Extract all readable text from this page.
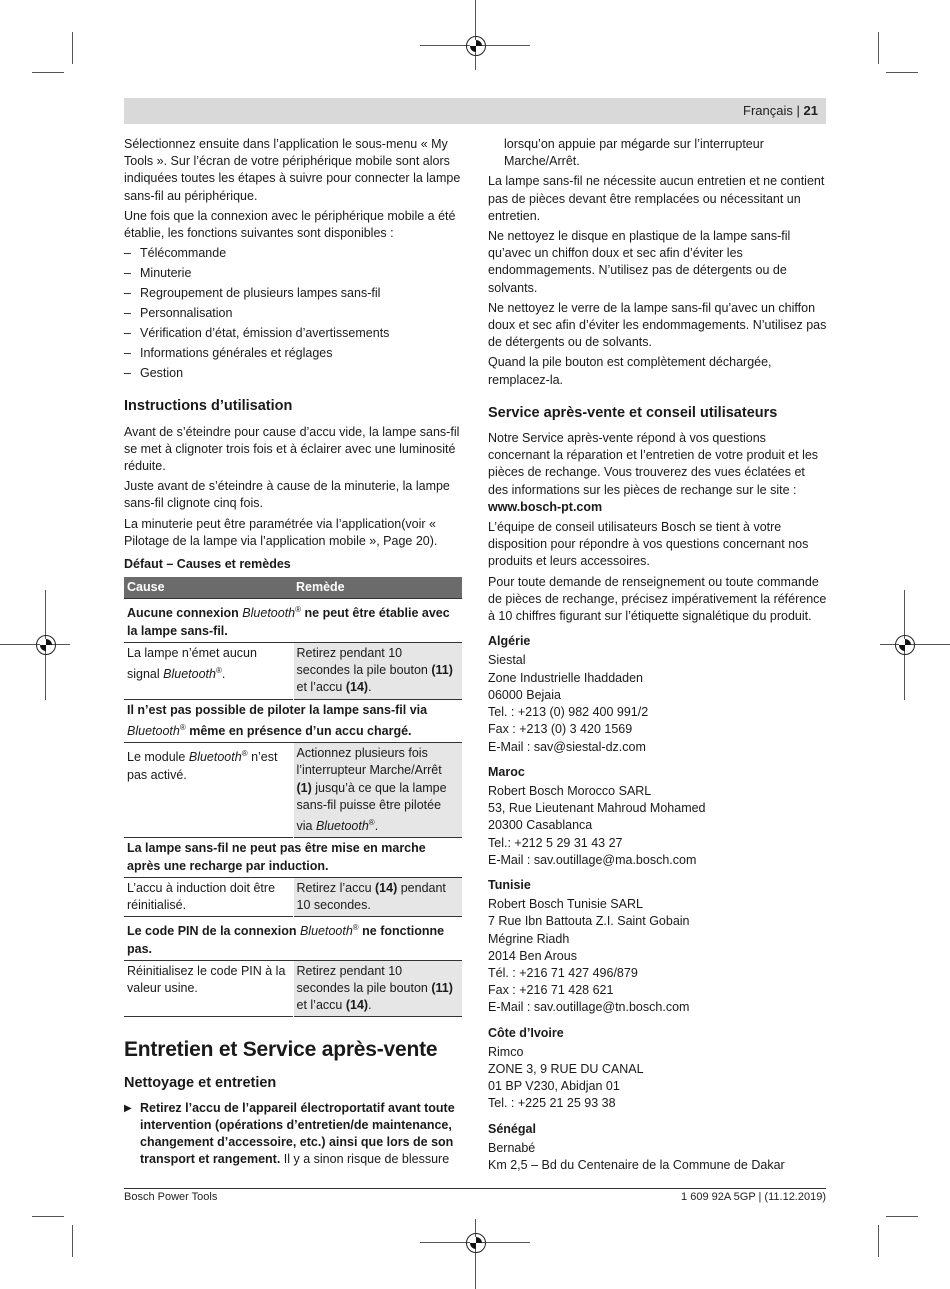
Français | 21

Sélectionnez ensuite dans l’application le sous-menu « My Tools ». Sur l’écran de votre périphérique mobile sont alors indiquées toutes les étapes à suivre pour connecter la lampe sans-fil au périphérique.

Une fois que la connexion avec le périphérique mobile a été établie, les fonctions suivantes sont disponibles :

– Télécommande
– Minuterie
– Regroupement de plusieurs lampes sans-fil
– Personnalisation
– Vérification d’état, émission d’avertissements
– Informations générales et réglages
– Gestion
Instructions d’utilisation

Avant de s’éteindre pour cause d’accu vide, la lampe sans-fil se met à clignoter trois fois et à éclairer avec une luminosité réduite.

Juste avant de s’éteindre à cause de la minuterie, la lampe sans-fil clignote cinq fois.

La minuterie peut être paramétrée via l’application(voir « Pilotage de la lampe via l’application mobile », Page 20).

Défaut – Causes et remèdes
Cause	Remède
Aucune connexion Bluetooth® ne peut être établie avec la lampe sans-fil.	
La lampe n’émet aucun signal Bluetooth®.	Retirez pendant 10 secondes la pile bouton (11) et l’accu (14).
Il n’est pas possible de piloter la lampe sans-fil via Bluetooth® même en présence d’un accu chargé.	
Le module Bluetooth® n’est pas activé.	Actionnez plusieurs fois l’interrupteur Marche/Arrêt (1) jusqu’à ce que la lampe sans-fil puisse être pilotée via Bluetooth®.
La lampe sans-fil ne peut pas être mise en marche après une recharge par induction.	
L’accu à induction doit être réinitialisé.	Retirez l’accu (14) pendant 10 secondes.
Le code PIN de la connexion Bluetooth® ne fonctionne pas.	
Réinitialisez le code PIN à la valeur usine.	Retirez pendant 10 secondes la pile bouton (11) et l’accu (14).
Entretien et Service après-vente
Nettoyage et entretien
▶ Retirez l’accu de l’appareil électroportatif avant toute intervention (opérations d’entretien/de maintenance, changement d’accessoire, etc.) ainsi que lors de son transport et rangement. Il y a sinon risque de blessure

lorsqu’on appuie par mégarde sur l’interrupteur Marche/Arrêt.

La lampe sans-fil ne nécessite aucun entretien et ne contient pas de pièces devant être remplacées ou nécessitant un entretien.

Ne nettoyez le disque en plastique de la lampe sans-fil qu’avec un chiffon doux et sec afin d’éviter les endommagements. N’utilisez pas de détergents ou de solvants.

Ne nettoyez le verre de la lampe sans-fil qu’avec un chiffon doux et sec afin d’éviter les endommagements. N’utilisez pas de détergents ou de solvants.

Quand la pile bouton est complètement déchargée, remplacez-la.

Service après-vente et conseil utilisateurs

Notre Service après-vente répond à vos questions concernant la réparation et l’entretien de votre produit et les pièces de rechange. Vous trouverez des vues éclatées et des informations sur les pièces de rechange sur le site : www.bosch-pt.com

L’équipe de conseil utilisateurs Bosch se tient à votre disposition pour répondre à vos questions concernant nos produits et leurs accessoires.

Pour toute demande de renseignement ou toute commande de pièces de rechange, précisez impérativement la référence à 10 chiffres figurant sur l’étiquette signalétique du produit.

Algérie

Siestal

Zone Industrielle Ihaddaden

06000 Bejaia

Tel. : +213 (0) 982 400 991/2

Fax : +213 (0) 3 420 1569

E-Mail : sav@siestal-dz.com

Maroc

Robert Bosch Morocco SARL

53, Rue Lieutenant Mahroud Mohamed

20300 Casablanca

Tel.: +212 5 29 31 43 27

E-Mail : sav.outillage@ma.bosch.com

Tunisie

Robert Bosch Tunisie SARL

7 Rue Ibn Battouta Z.I. Saint Gobain

Mégrine Riadh

2014 Ben Arous

Tél. : +216 71 427 496/879

Fax : +216 71 428 621

E-Mail : sav.outillage@tn.bosch.com

Côte d’Ivoire

Rimco

ZONE 3, 9 RUE DU CANAL

01 BP V230, Abidjan 01

Tel. : +225 21 25 93 38

Sénégal

Bernabé

Km 2,5 – Bd du Centenaire de la Commune de Dakar

Bosch Power Tools	1 609 92A 5GP | (11.12.2019)
